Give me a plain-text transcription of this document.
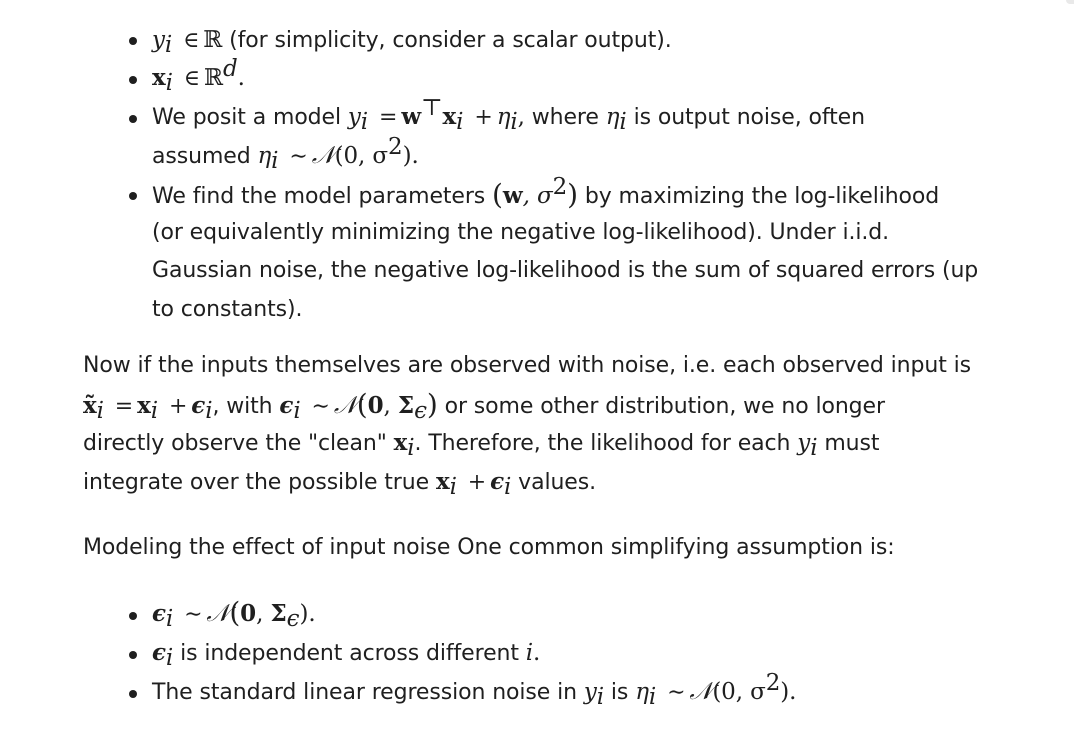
$y_i$ ∈ ℝ (for simplicity, consider a scalar output).
$x_i$ ∈ ℝ$^d$.
We posit a model $y_i = w^⊤x_i + \eta_i$, where $\eta_i$ is output noise, often
assumed $\eta_i$ ∼ 𝒩(0, $\sigma^2$).
We find the model parameters (w, $\sigma^2$) by maximizing the log-likelihood
(or equivalently minimizing the negative log-likelihood). Under i.i.d.
Gaussian noise, the negative log-likelihood is the sum of squared errors (up
to constants).
Now if the inputs themselves are observed with noise, i.e. each observed input is
$x̃_i = x_i + \epsilon_i$, with $\epsilon_i$ ∼ 𝒩(0, $\Sigma_\epsilon$) or some other distribution, we no longer
directly observe the "clean" $x_i$. Therefore, the likelihood for each $y_i$ must
integrate over the possible true $x_i + \epsilon_i$ values.
Modeling the effect of input noise One common simplifying assumption is:
$\epsilon_i$ ∼ 𝒩(0, $\Sigma_\epsilon$).
$\epsilon_i$ is independent across different i.
The standard linear regression noise in $y_i$ is $\eta_i$ ∼ 𝒩(0, $\sigma^2$).
